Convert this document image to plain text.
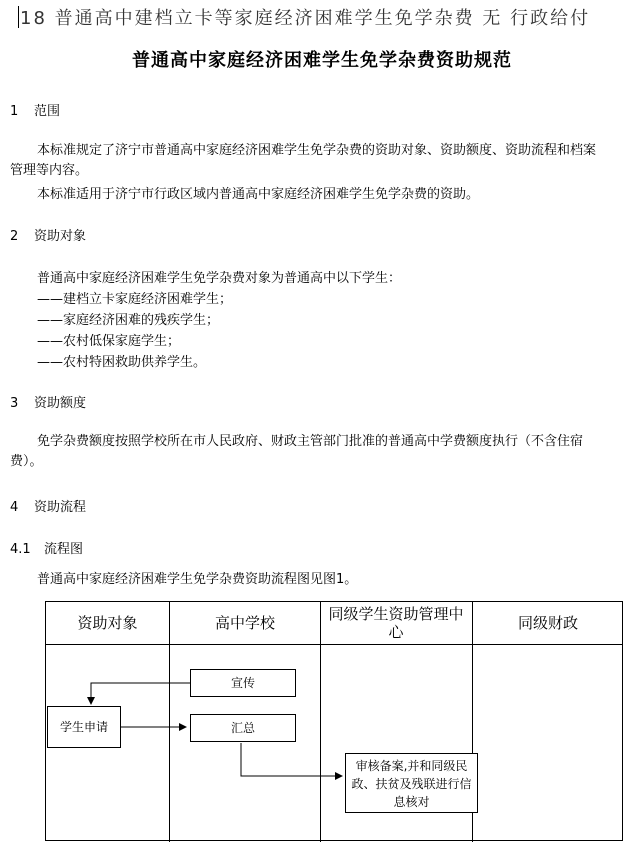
18 普通高中建档立卡等家庭经济困难学生免学杂费 无 行政给付
普通高中家庭经济困难学生免学杂费资助规范
1 范围
本标准规定了济宁市普通高中家庭经济困难学生免学杂费的资助对象、资助额度、资助流程和档案
管理等内容。
本标准适用于济宁市行政区域内普通高中家庭经济困难学生免学杂费的资助。
2 资助对象
普通高中家庭经济困难学生免学杂费对象为普通高中以下学生：
——建档立卡家庭经济困难学生；
——家庭经济困难的残疾学生；
——农村低保家庭学生；
——农村特困救助供养学生。
3 资助额度
免学杂费额度按照学校所在市人民政府、财政主管部门批准的普通高中学费额度执行（不含住宿
费）。
4 资助流程
4.1 流程图
普通高中家庭经济困难学生免学杂费资助流程图见图1。
资助对象	高中学校	同级学生资助管理中心	同级财政
宣传
学生申请	汇总
审核备案,并和同级民政、扶贫及残联进行信息核对
